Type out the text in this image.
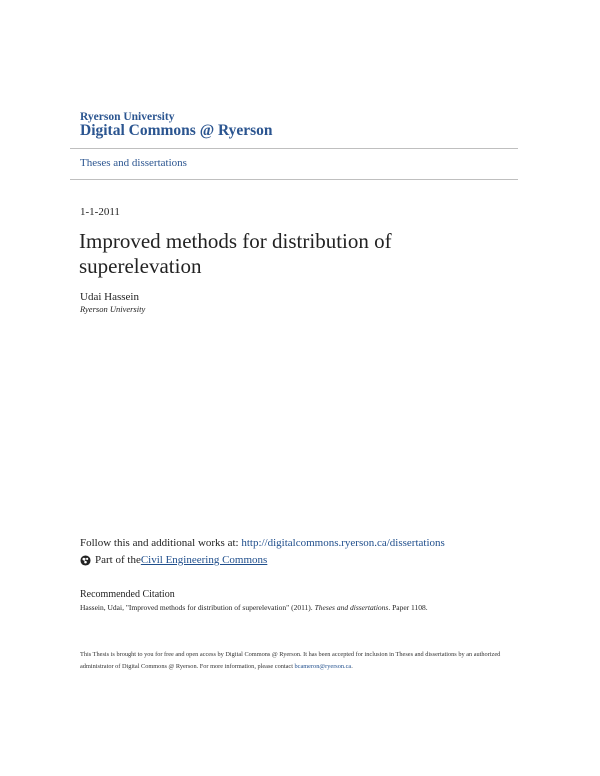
Ryerson University
Digital Commons @ Ryerson
Theses and dissertations
1-1-2011
Improved methods for distribution of superelevation
Udai Hassein
Ryerson University
Follow this and additional works at: http://digitalcommons.ryerson.ca/dissertations
Part of the Civil Engineering Commons
Recommended Citation
Hassein, Udai, "Improved methods for distribution of superelevation" (2011). Theses and dissertations. Paper 1108.
This Thesis is brought to you for free and open access by Digital Commons @ Ryerson. It has been accepted for inclusion in Theses and dissertations by an authorized administrator of Digital Commons @ Ryerson. For more information, please contact bcameron@ryerson.ca.
